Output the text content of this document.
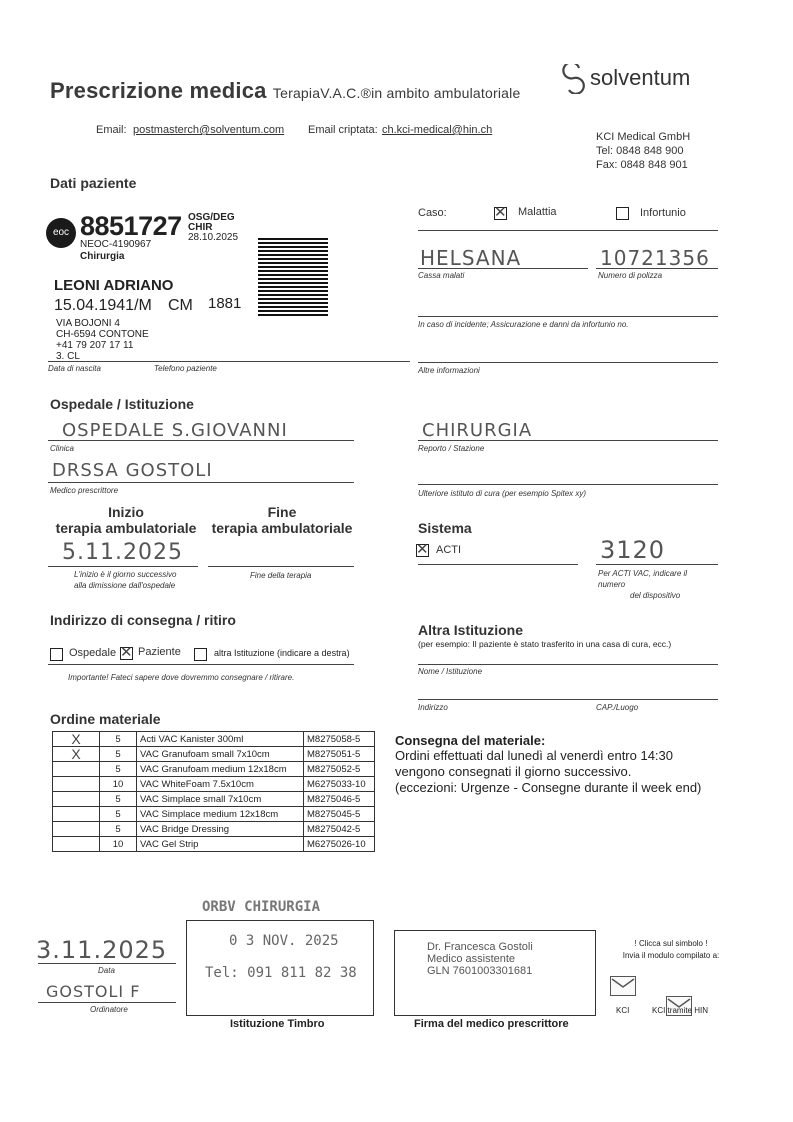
Prescrizione medica TerapiaV.A.C.®in ambito ambulatoriale
solventum
Email: postmasterch@solventum.com Email criptata: ch.kci-medical@hin.ch
KCI Medical GmbH
Tel: 0848 848 900
Fax: 0848 848 901
Dati paziente
eoc 8851727 OSG/DEG
CHIR
28.10.2025
NEOC-4190967
Chirurgia
LEONI ADRIANO
15.04.1941/M CM 1881
VIA BOJONI 4
CH-6594 CONTONE
+41 79 207 17 11
3. CL
Data di nascita	Telefono paziente
Caso: ✕	Malattia	Infortunio
HELSANA	10721356
Cassa malati	Numero di polizza
In caso di incidente; Assicurazione e danni da infortunio no.
Altre informazioni
Ospedale / Istituzione
OSPEDALE S.GIOVANNI
Clinica
CHIRURGIA
Reporto / Stazione
DRSSA GOSTOLI
Medico prescrittore	Ulteriore istituto di cura (per esempio Spitex xy)
Inizio
terapia ambulatoriale
Fine
terapia ambulatoriale
5.11.2025
L'inizio è il giorno successivo
alla dimissione dall'ospedale
Fine della terapia
Sistema
✕
ACTI	3120
Per ACTI VAC, indicare il
numero
del dispositivo
Indirizzo di consegna / ritiro
Ospedale ✕ Paziente	altra Istituzione (indicare a destra)
Importante! Fateci sapere dove dovremmo consegnare / ritirare.
Altra Istituzione
(per esempio: Il paziente è stato trasferito in una casa di cura, ecc.)
Nome / Istituzione
Indirizzo	CAP./Luogo
Ordine materiale
X	5	Acti VAC Kanister 300ml	M8275058-5
X	5	VAC Granufoam small 7x10cm	M8275051-5
	5	VAC Granufoam medium 12x18cm	M8275052-5
	10	VAC WhiteFoam 7.5x10cm	M6275033-10
	5	VAC Simplace small 7x10cm	M8275046-5
	5	VAC Simplace medium 12x18cm	M8275045-5
	5	VAC Bridge Dressing	M8275042-5
	10	VAC Gel Strip	M6275026-10
Consegna del materiale:
Ordini effettuati dal lunedì al venerdì entro 14:30
vengono consegnati il giorno successivo.
(eccezioni: Urgenze - Consegne durante il week end)
ORBV CHIRURGIA
3.11.2025
Data
GOSTOLI F
Ordinatore
0 3 NOV. 2025
Tel: 091 811 82 38
Istituzione Timbro
Dr. Francesca Gostoli
Medico assistente
GLN 7601003301681
Firma del medico prescrittore
! Clicca sul simbolo !
Invia il modulo compilato a:
KCI	KCI tramite HIN
